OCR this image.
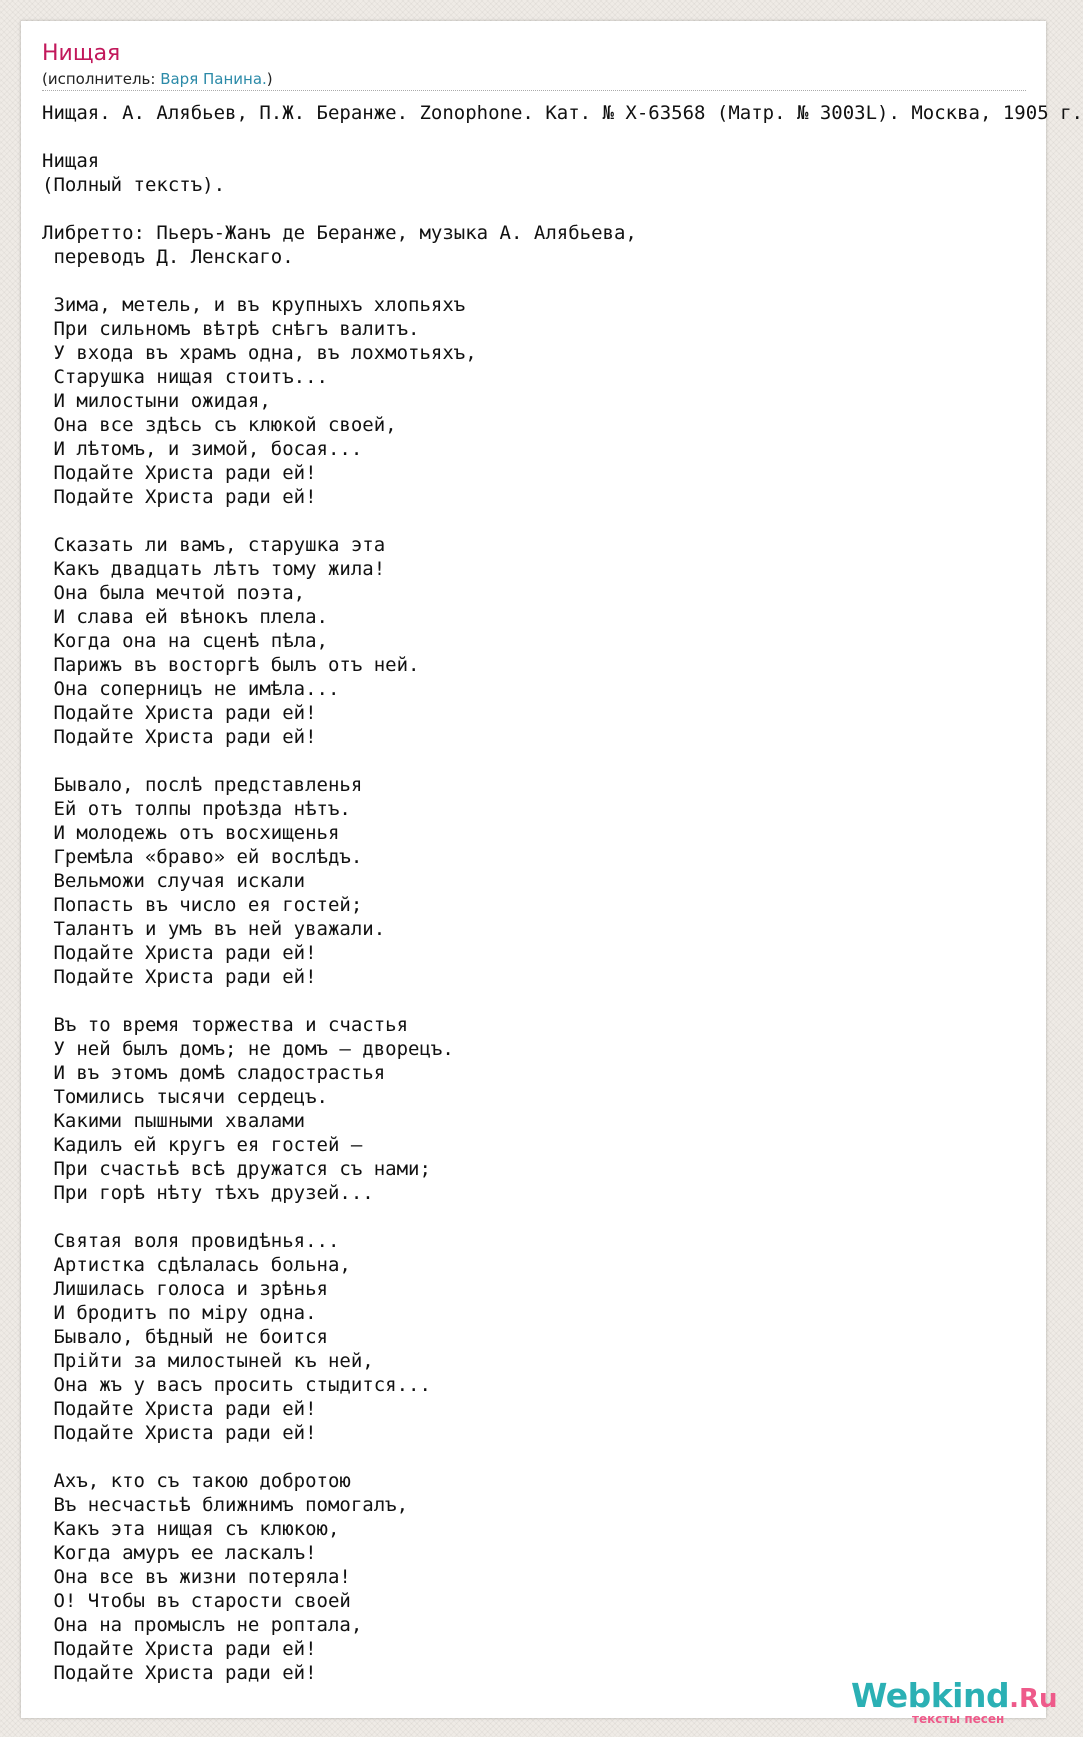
Нищая
(исполнитель: Варя Панина.)
Нищая. А. Алябьев, П.Ж. Беранже. Zonophone. Кат. № X-63568 (Матр. № 3003L). Москва, 1905 г.

Нищая
(Полный текстъ).

Либретто: Пьеръ-Жанъ де Беранже, музыка А. Алябьева,
переводъ Д. Ленскаго.

Зима, метель, и въ крупныхъ хлопьяхъ
При сильномъ вѣтрѣ снѣгъ валитъ.
У входа въ храмъ одна, въ лохмотьяхъ,
Старушка нищая стоитъ...
И милостыни ожидая,
Она все здѣсь съ клюкой своей,
И лѣтомъ, и зимой, босая...
Подайте Христа ради ей!
Подайте Христа ради ей!

Сказать ли вамъ, старушка эта
Какъ двадцать лѣтъ тому жила!
Она была мечтой поэта,
И слава ей вѣнокъ плела.
Когда она на сценѣ пѣла,
Парижъ въ восторгѣ былъ отъ ней.
Она соперницъ не имѣла...
Подайте Христа ради ей!
Подайте Христа ради ей!

Бывало, послѣ представленья
Ей отъ толпы проѣзда нѣтъ.
И молодежь отъ восхищенья
Гремѣла «браво» ей вослѣдъ.
Вельможи случая искали
Попасть въ число ея гостей;
Талантъ и умъ въ ней уважали.
Подайте Христа ради ей!
Подайте Христа ради ей!

Въ то время торжества и счастья
У ней былъ домъ; не домъ — дворецъ.
И въ этомъ домѣ сладострастья
Томились тысячи сердецъ.
Какими пышными хвалами
Кадилъ ей кругъ ея гостей —
При счастьѣ всѣ дружатся съ нами;
При горѣ нѣту тѣхъ друзей...

Святая воля провидѣнья...
Артистка сдѣлалась больна,
Лишилась голоса и зрѣнья
И бродитъ по міру одна.
Бывало, бѣдный не боится
Прійти за милостыней къ ней,
Она жъ у васъ просить стыдится...
Подайте Христа ради ей!
Подайте Христа ради ей!

Ахъ, кто съ такою добротою
Въ несчастьѣ ближнимъ помогалъ,
Какъ эта нищая съ клюкою,
Когда амуръ ее ласкалъ!
Она все въ жизни потеряла!
О! Чтобы въ старости своей
Она на промыслъ не роптала,
Подайте Христа ради ей!
Подайте Христа ради ей!
Webkind.Ru
тексты песен
